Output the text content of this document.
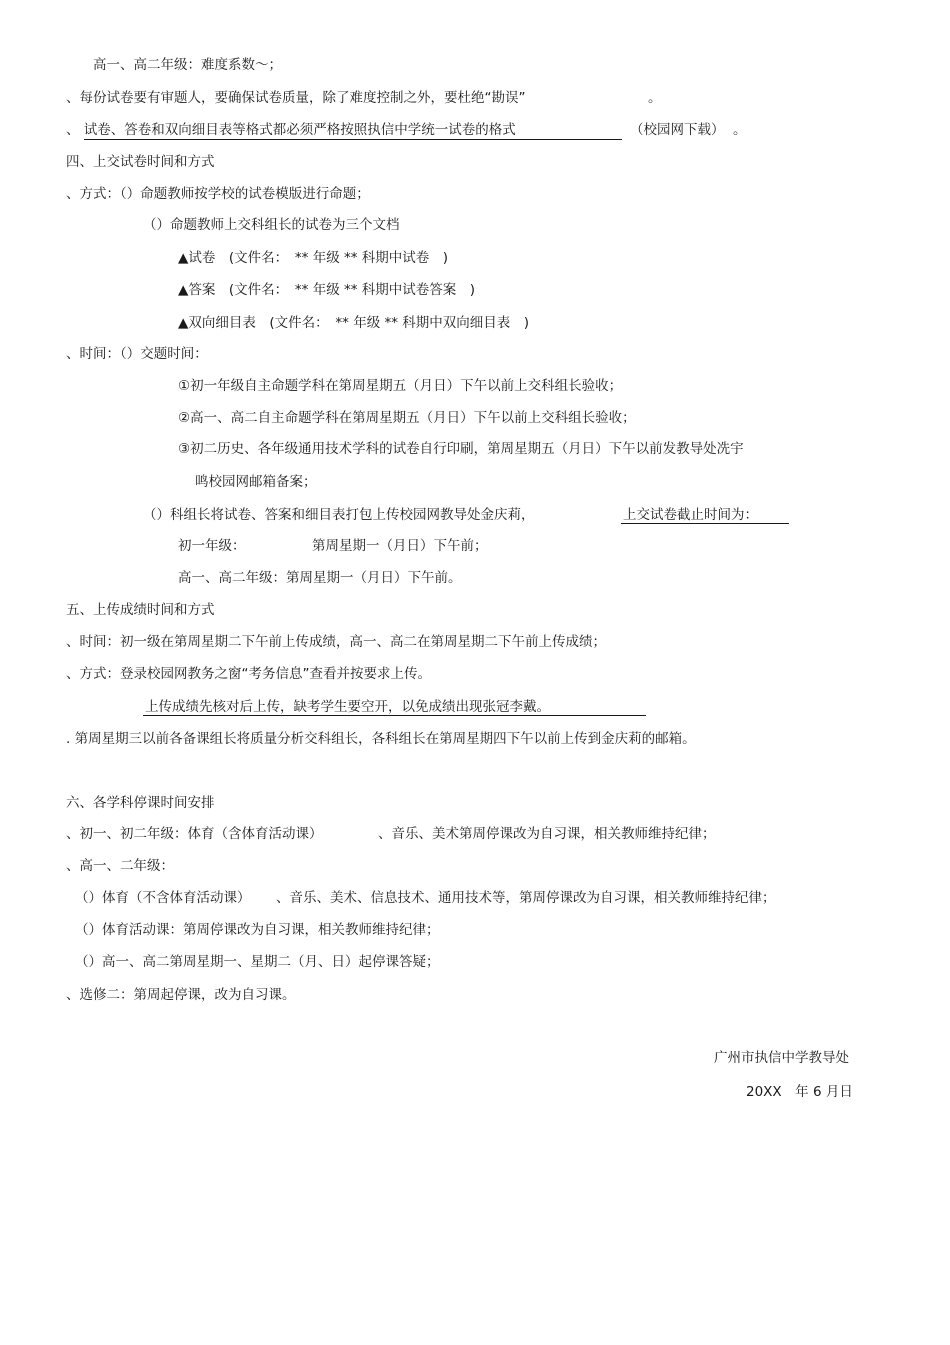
高一、高二年级：难度系数～；
、每份试卷要有审题人，要确保试卷质量，除了难度控制之外，要杜绝“勘误”	。
、 试卷、答卷和双向细目表等格式都必须严格按照执信中学统一试卷的格式	（校园网下载） 。
四、上交试卷时间和方式
、方式：（）命题教师按学校的试卷模版进行命题；
（）命题教师上交科组长的试卷为三个文档
▲试卷　(文件名：　** 年级 ** 科期中试卷　)
▲答案　(文件名：　** 年级 ** 科期中试卷答案　)
▲双向细目表　(文件名：　** 年级 ** 科期中双向细目表　)
、时间：（）交题时间：
①初一年级自主命题学科在第周星期五（月日）下午以前上交科组长验收；
②高一、高二自主命题学科在第周星期五（月日）下午以前上交科组长验收；
③初二历史、各年级通用技术学科的试卷自行印刷，第周星期五（月日）下午以前发教导处冼宇
鸣校园网邮箱备案；
（）科组长将试卷、答案和细目表打包上传校园网教导处金庆莉，	上交试卷截止时间为：
初一年级：	第周星期一（月日）下午前；
高一、高二年级：第周星期一（月日）下午前。
五、上传成绩时间和方式
、时间：初一级在第周星期二下午前上传成绩，高一、高二在第周星期二下午前上传成绩；
、方式：登录校园网教务之窗“考务信息”查看并按要求上传。
上传成绩先核对后上传，缺考学生要空开，以免成绩出现张冠李戴。
. 第周星期三以前各备课组长将质量分析交科组长，各科组长在第周星期四下午以前上传到金庆莉的邮箱。
六、各学科停课时间安排
、初一、初二年级：体育（含体育活动课）	、音乐、美术第周停课改为自习课，相关教师维持纪律；
、高一、二年级：
（）体育（不含体育活动课） 、音乐、美术、信息技术、通用技术等，第周停课改为自习课，相关教师维持纪律；
（）体育活动课：第周停课改为自习课，相关教师维持纪律；
（）高一、高二第周星期一、星期二（月、日）起停课答疑；
、选修二：第周起停课，改为自习课。
广州市执信中学教导处
20XX　年 6 月日
